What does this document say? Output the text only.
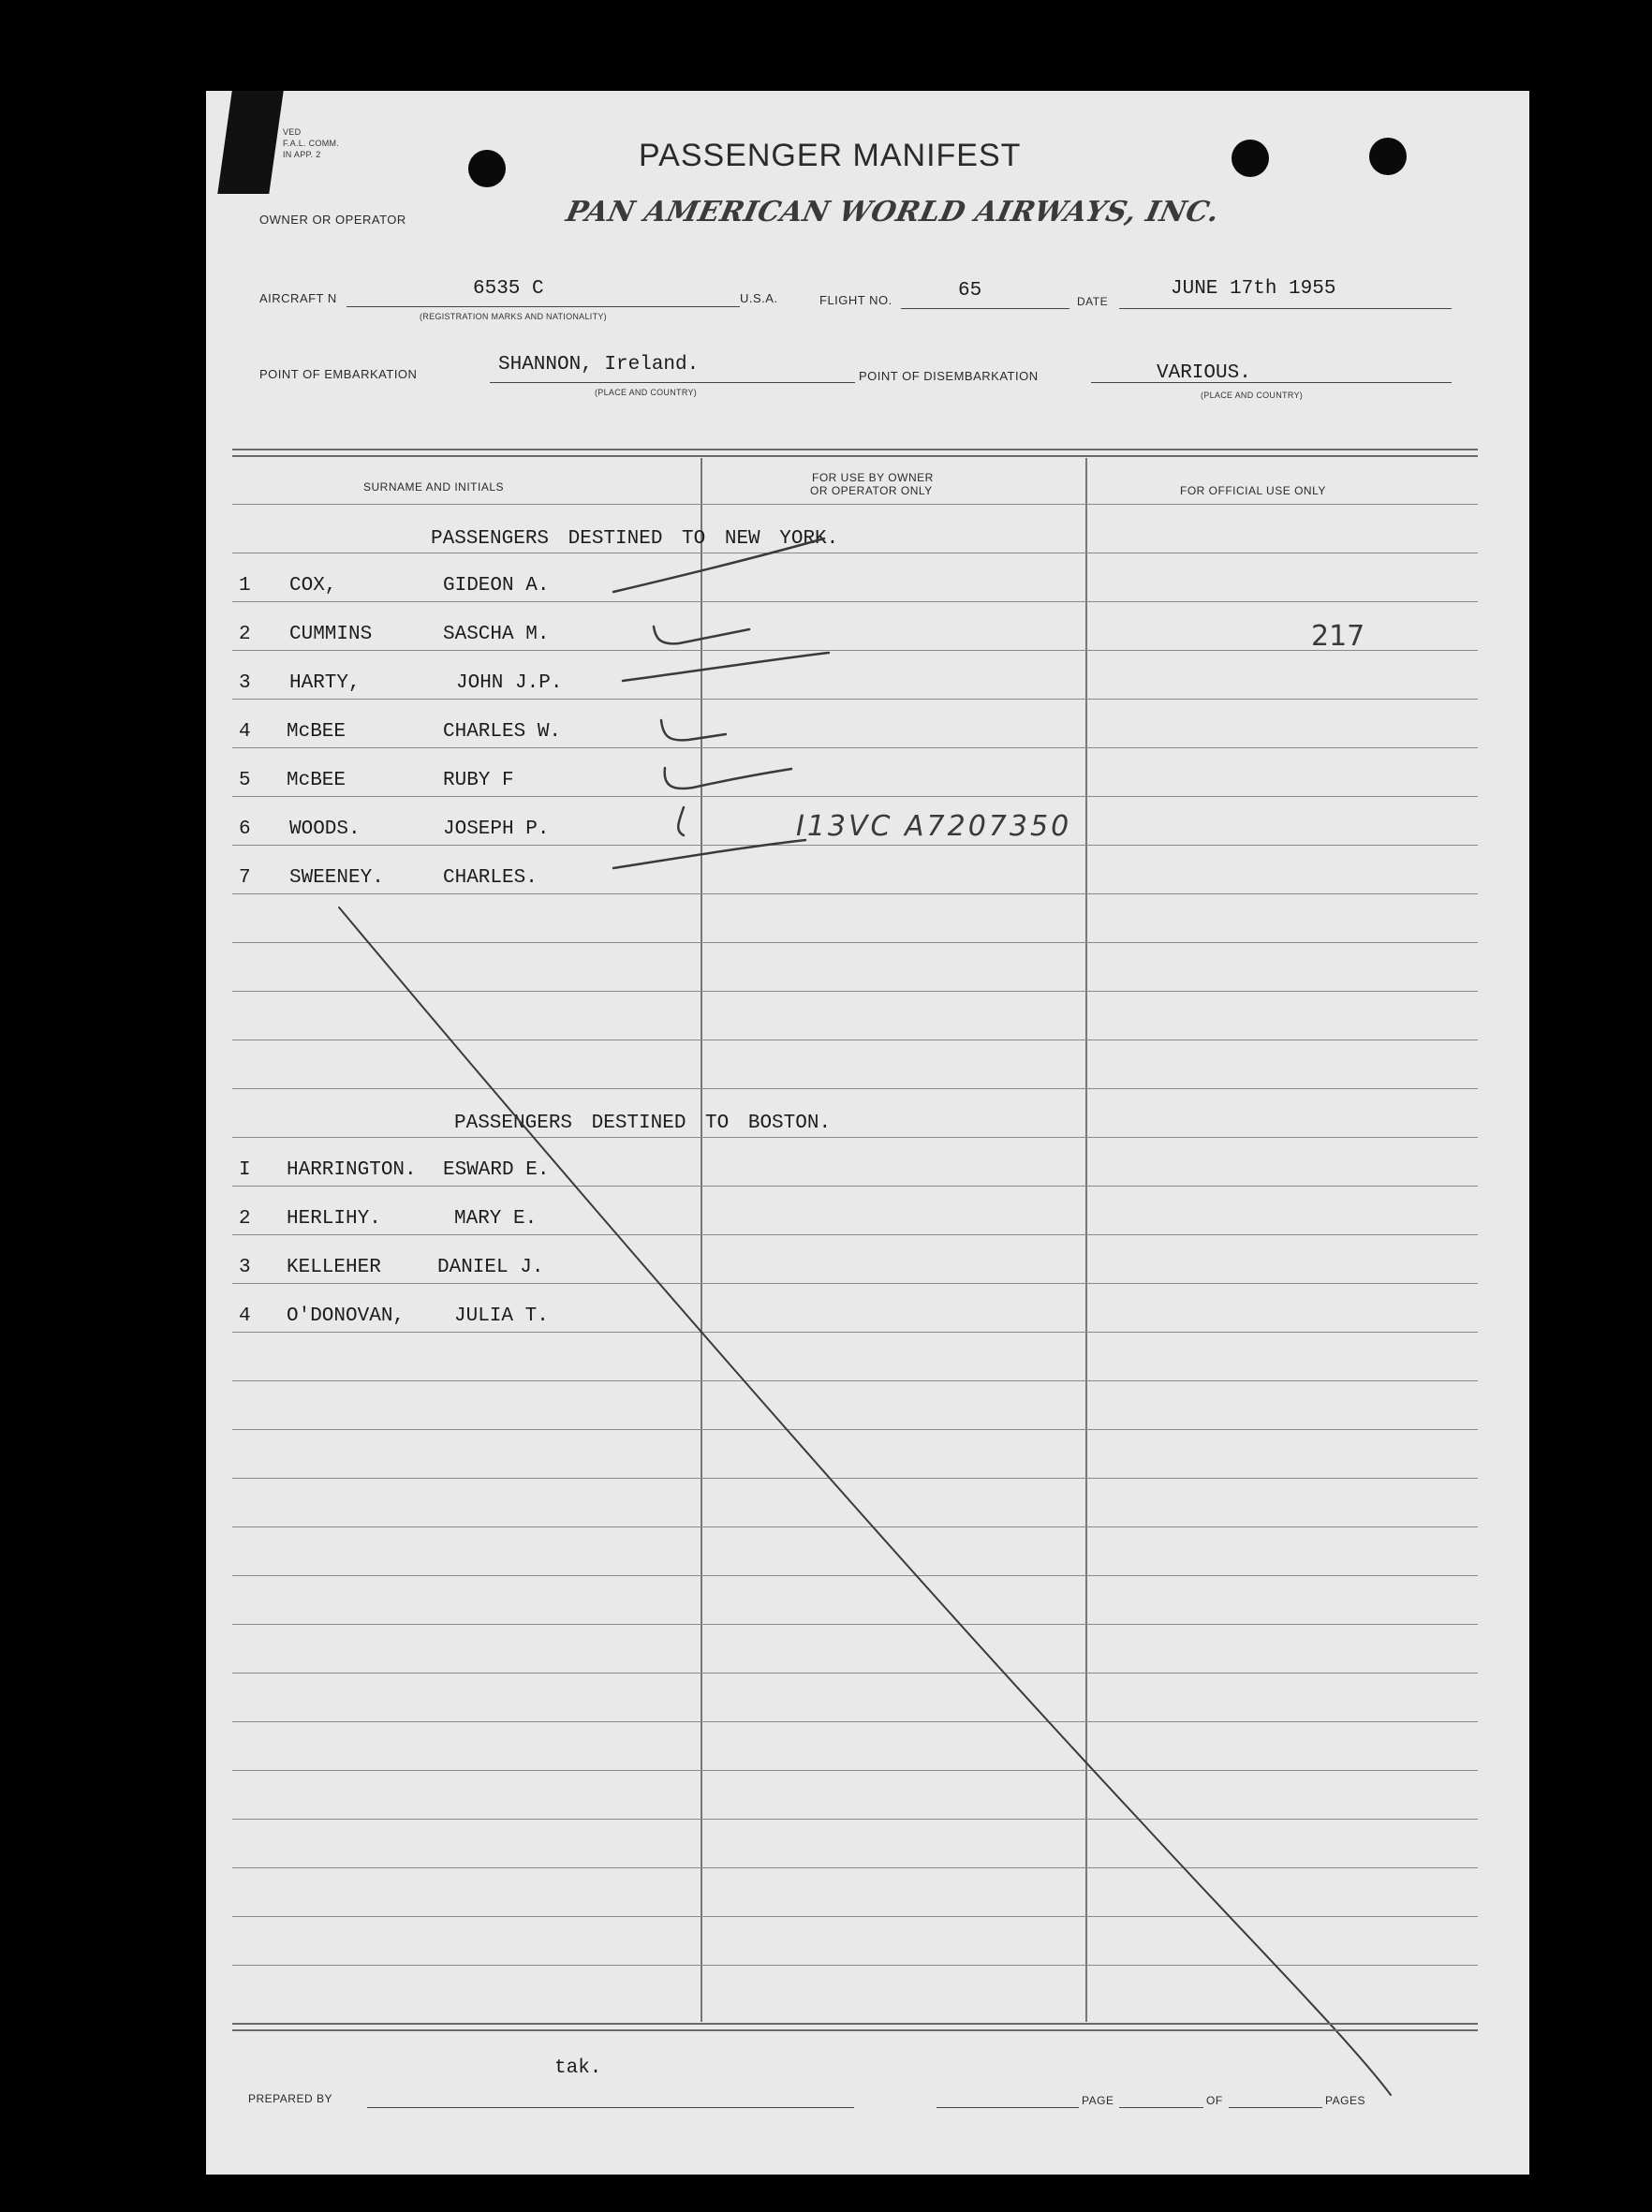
VED
F.A.L. COMM.
IN APP. 2	PASSENGER MANIFEST
OWNER OR OPERATOR	PAN AMERICAN WORLD AIRWAYS, INC.
AIRCRAFT N	6535 C
(REGISTRATION MARKS AND NATIONALITY)
U.S.A.	FLIGHT NO.	65	DATE
JUNE 17th 1955
POINT OF EMBARKATION	SHANNON, Ireland.
(PLACE AND COUNTRY)
POINT OF DISEMBARKATION	VARIOUS.
(PLACE AND COUNTRY)
SURNAME AND INITIALS
FOR USE BY OWNER
OR OPERATOR ONLY	FOR OFFICIAL USE ONLY
PASSENGERS DESTINED TO NEW YORK.
1 COX,	GIDEON A.
2 CUMMINS	SASCHA M.
3 HARTY,	JOHN J.P.
4 McBEE	CHARLES W.
5 McBEE	RUBY F
6 WOODS.	JOSEPH P.
7 SWEENEY.	CHARLES.
PASSENGERS DESTINED TO BOSTON.
I HARRINGTON. ESWARD E.
2 HERLIHY.	MARY E.
3 KELLEHER	DANIEL J.
4 O'DONOVAN,	JULIA T.
217
I13VC A7207350
PREPARED BY
tak.
PAGE	OF	PAGES
